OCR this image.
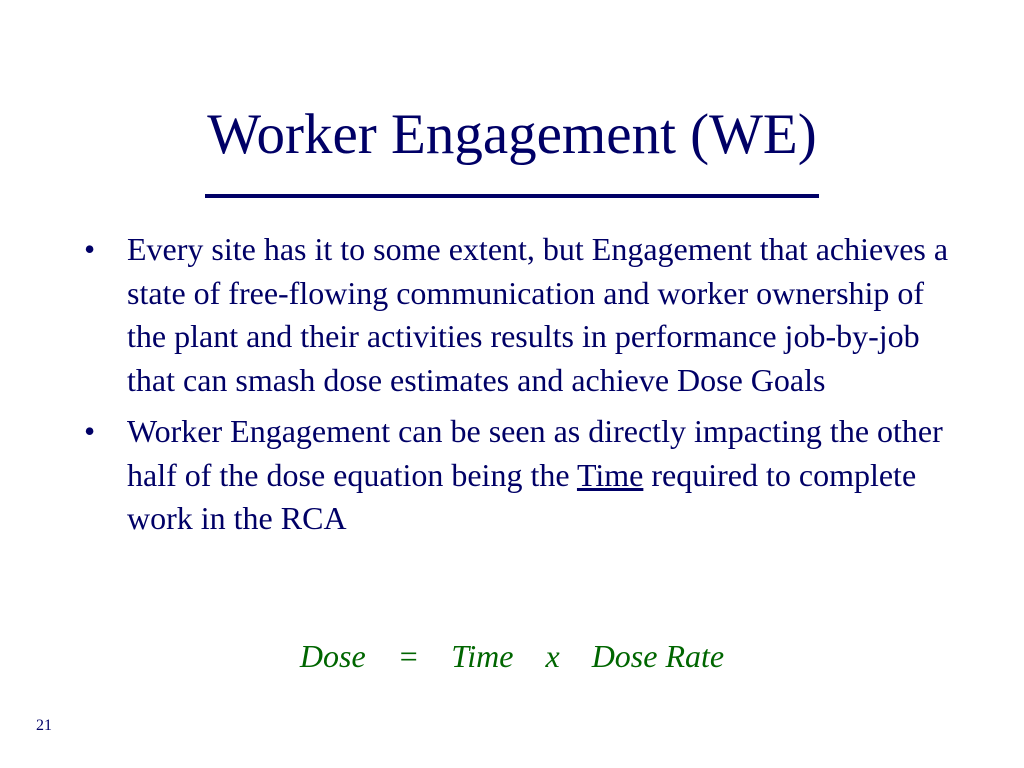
Worker Engagement (WE)
• Every site has it to some extent, but Engagement that achieves a state of free-flowing communication and worker ownership of the plant and their activities results in performance job-by-job that can smash dose estimates and achieve Dose Goals
• Worker Engagement can be seen as directly impacting the other half of the dose equation being the Time required to complete work in the RCA
Dose = Time x Dose Rate
21
